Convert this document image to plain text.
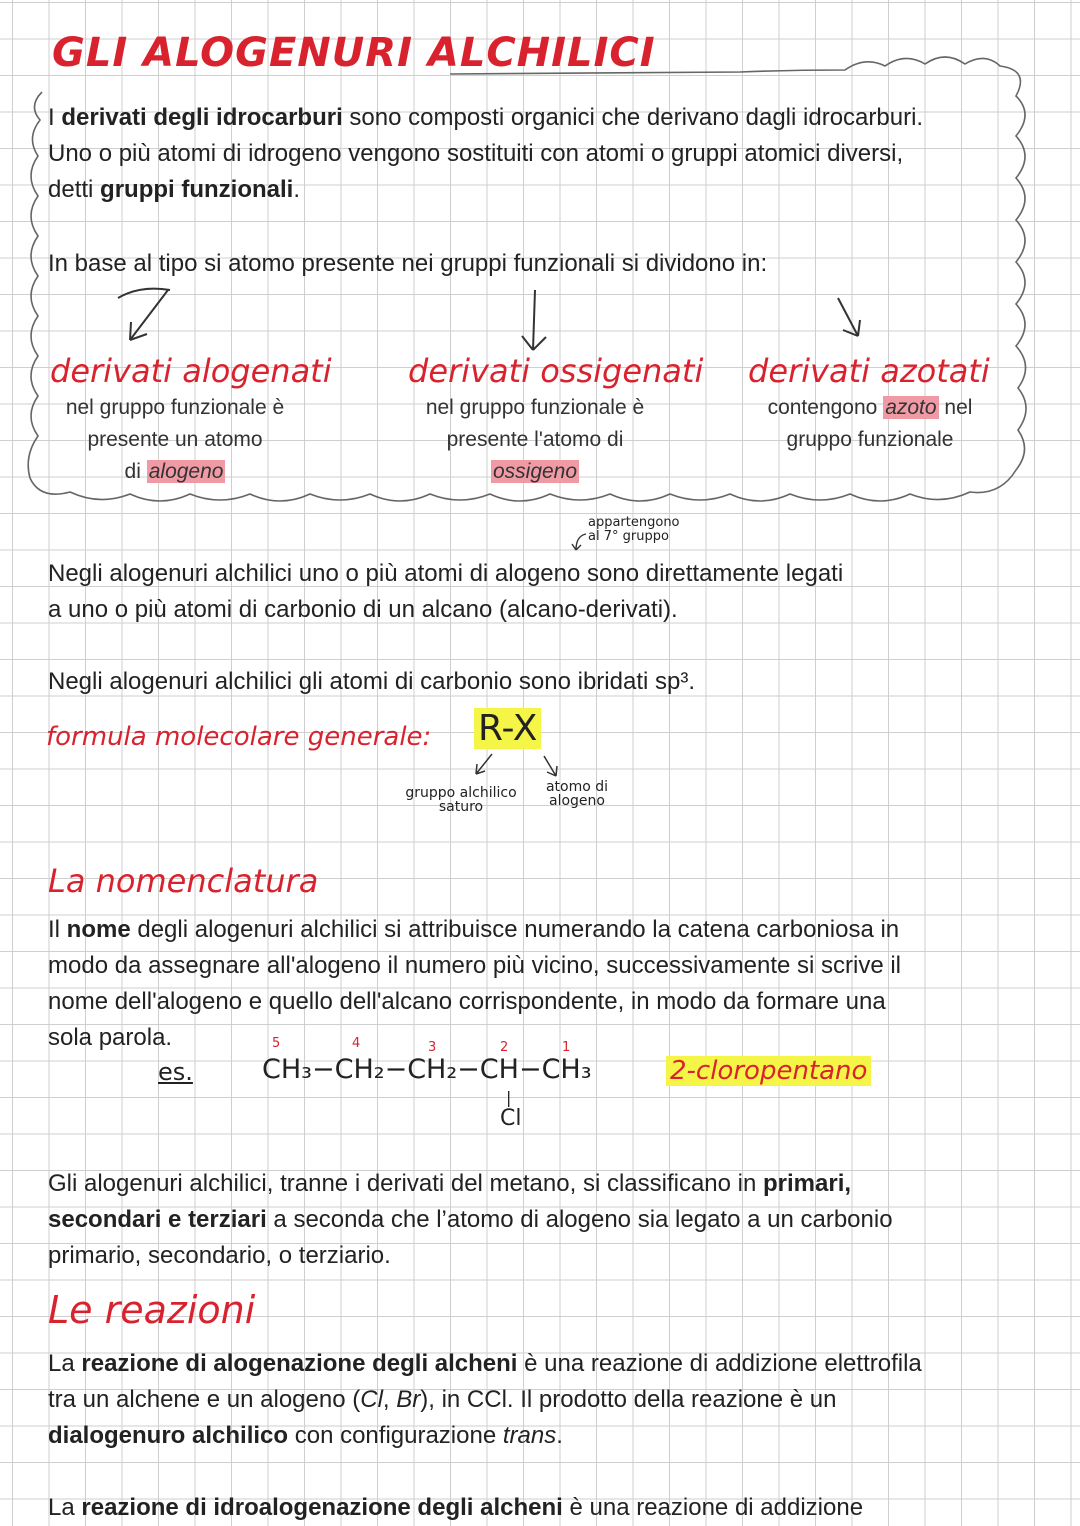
GLI ALOGENURI ALCHILICI
I derivati degli idrocarburi sono composti organici che derivano dagli idrocarburi.
Uno o più atomi di idrogeno vengono sostituiti con atomi o gruppi atomici diversi,
detti gruppi funzionali.
In base al tipo si atomo presente nei gruppi funzionali si dividono in:
derivati alogenati
nel gruppo funzionale è
presente un atomo
di alogeno
derivati ossigenati
nel gruppo funzionale è
presente l'atomo di
ossigeno
derivati azotati
contengono azoto nel
gruppo funzionale
appartengono
al 7° gruppo
Negli alogenuri alchilici uno o più atomi di alogeno sono direttamente legati
a uno o più atomi di carbonio di un alcano (alcano-derivati).
Negli alogenuri alchilici gli atomi di carbonio sono ibridati sp³.
formula molecolare generale: R-X
gruppo alchilico
saturo
atomo di
alogeno
La nomenclatura
Il nome degli alogenuri alchilici si attribuisce numerando la catena carboniosa in
modo da assegnare all'alogeno il numero più vicino, successivamente si scrive il
nome dell'alogeno e quello dell'alcano corrispondente, in modo da formare una
sola parola.
es.
5	4	3	2	1
CH₃−CH₂−CH₂−CH−CH₃
|
Cl
2-cloropentano
Gli alogenuri alchilici, tranne i derivati del metano, si classificano in primari,
secondari e terziari a seconda che l’atomo di alogeno sia legato a un carbonio
primario, secondario, o terziario.
Le reazioni
La reazione di alogenazione degli alcheni è una reazione di addizione elettrofila
tra un alchene e un alogeno (Cl, Br), in CCl. Il prodotto della reazione è un
dialogenuro alchilico con configurazione trans.
La reazione di idroalogenazione degli alcheni è una reazione di addizione
